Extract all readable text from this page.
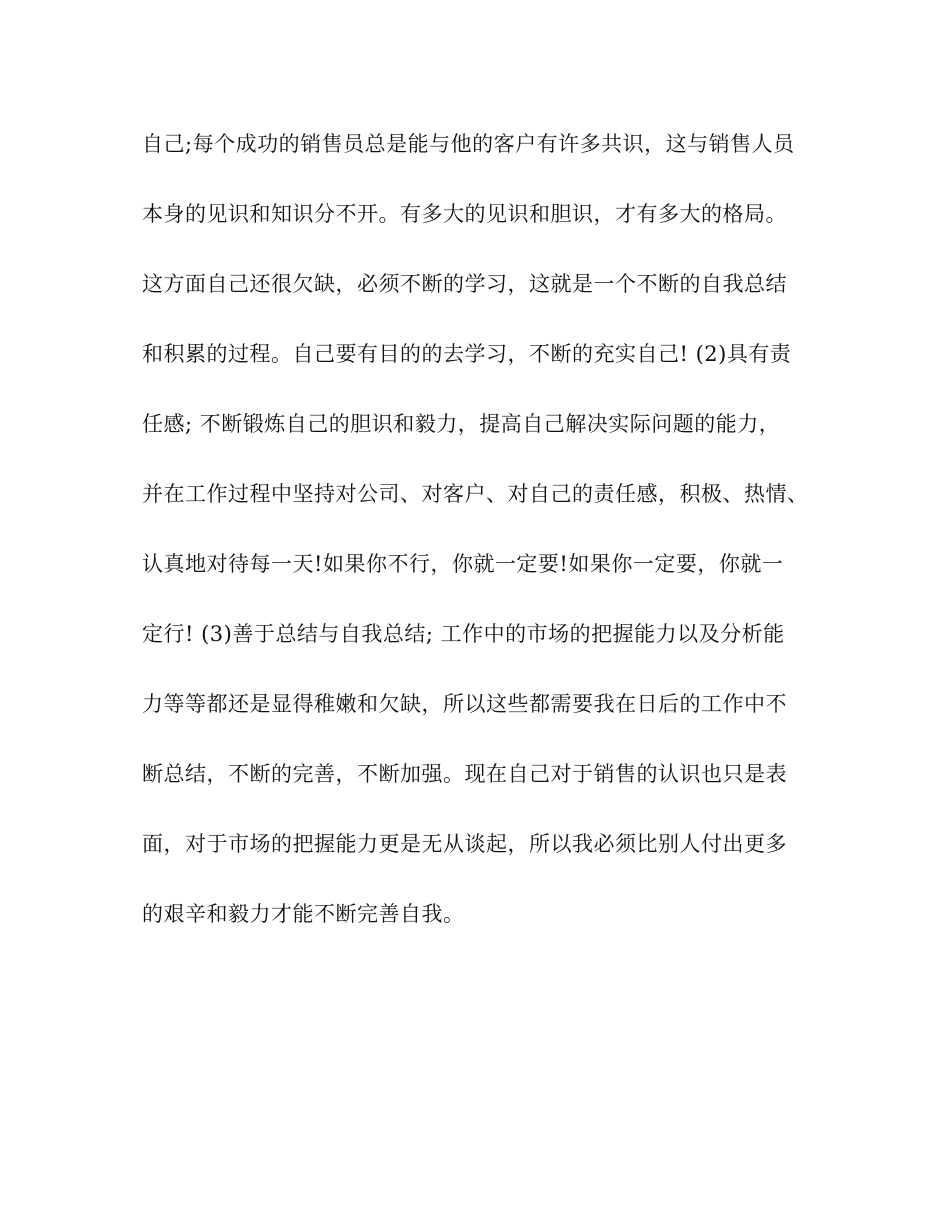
自己;每个成功的销售员总是能与他的客户有许多共识，这与销售人员
本身的见识和知识分不开。有多大的见识和胆识，才有多大的格局。
这方面自己还很欠缺，必须不断的学习，这就是一个不断的自我总结
和积累的过程。自己要有目的的去学习，不断的充实自己! (2)具有责
任感; 不断锻炼自己的胆识和毅力，提高自己解决实际问题的能力，
并在工作过程中坚持对公司、对客户、对自己的责任感，积极、热情、
认真地对待每一天!如果你不行，你就一定要!如果你一定要，你就一
定行! (3)善于总结与自我总结; 工作中的市场的把握能力以及分析能
力等等都还是显得稚嫩和欠缺，所以这些都需要我在日后的工作中不
断总结，不断的完善，不断加强。现在自己对于销售的认识也只是表
面，对于市场的把握能力更是无从谈起，所以我必须比别人付出更多
的艰辛和毅力才能不断完善自我。
